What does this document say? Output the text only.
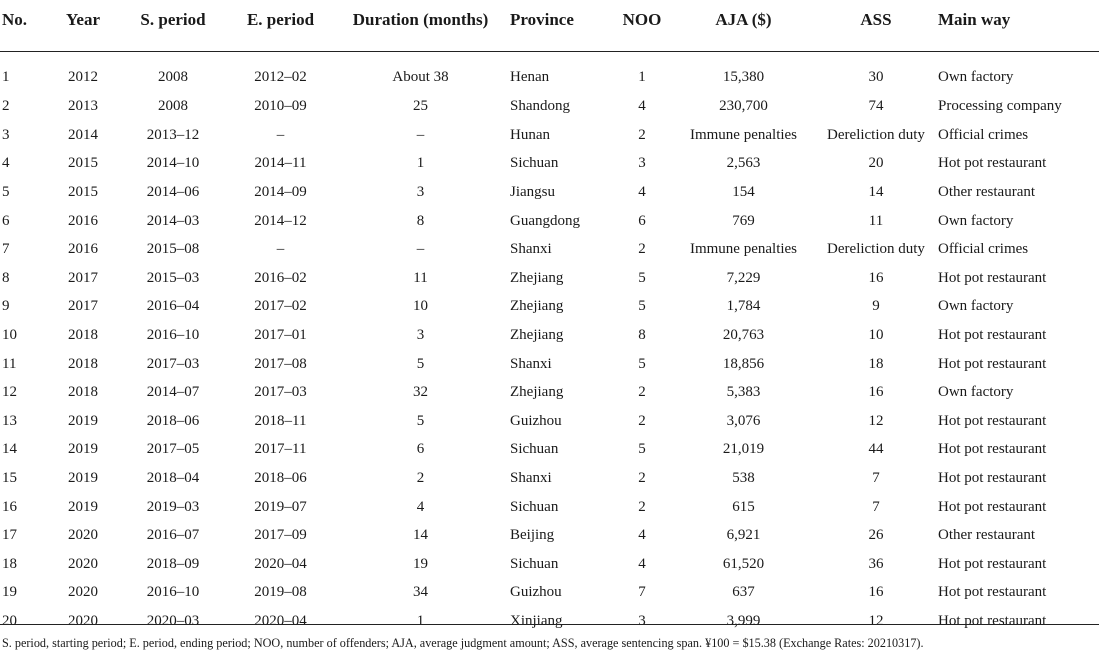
No.	Year	S. period	E. period	Duration (months)	Province	NOO	AJA ($)	ASS	Main way
1	2012	2008	2012–02	About 38	Henan	1	15,380	30	Own factory
2	2013	2008	2010–09	25	Shandong	4	230,700	74	Processing company
3	2014	2013–12	–	–	Hunan	2	Immune penalties	Dereliction duty	Official crimes
4	2015	2014–10	2014–11	1	Sichuan	3	2,563	20	Hot pot restaurant
5	2015	2014–06	2014–09	3	Jiangsu	4	154	14	Other restaurant
6	2016	2014–03	2014–12	8	Guangdong	6	769	11	Own factory
7	2016	2015–08	–	–	Shanxi	2	Immune penalties	Dereliction duty	Official crimes
8	2017	2015–03	2016–02	11	Zhejiang	5	7,229	16	Hot pot restaurant
9	2017	2016–04	2017–02	10	Zhejiang	5	1,784	9	Own factory
10	2018	2016–10	2017–01	3	Zhejiang	8	20,763	10	Hot pot restaurant
11	2018	2017–03	2017–08	5	Shanxi	5	18,856	18	Hot pot restaurant
12	2018	2014–07	2017–03	32	Zhejiang	2	5,383	16	Own factory
13	2019	2018–06	2018–11	5	Guizhou	2	3,076	12	Hot pot restaurant
14	2019	2017–05	2017–11	6	Sichuan	5	21,019	44	Hot pot restaurant
15	2019	2018–04	2018–06	2	Shanxi	2	538	7	Hot pot restaurant
16	2019	2019–03	2019–07	4	Sichuan	2	615	7	Hot pot restaurant
17	2020	2016–07	2017–09	14	Beijing	4	6,921	26	Other restaurant
18	2020	2018–09	2020–04	19	Sichuan	4	61,520	36	Hot pot restaurant
19	2020	2016–10	2019–08	34	Guizhou	7	637	16	Hot pot restaurant
20	2020	2020–03	2020–04	1	Xinjiang	3	3,999	12	Hot pot restaurant
S. period, starting period; E. period, ending period; NOO, number of offenders; AJA, average judgment amount; ASS, average sentencing span. ¥100 = $15.38 (Exchange Rates: 20210317).
